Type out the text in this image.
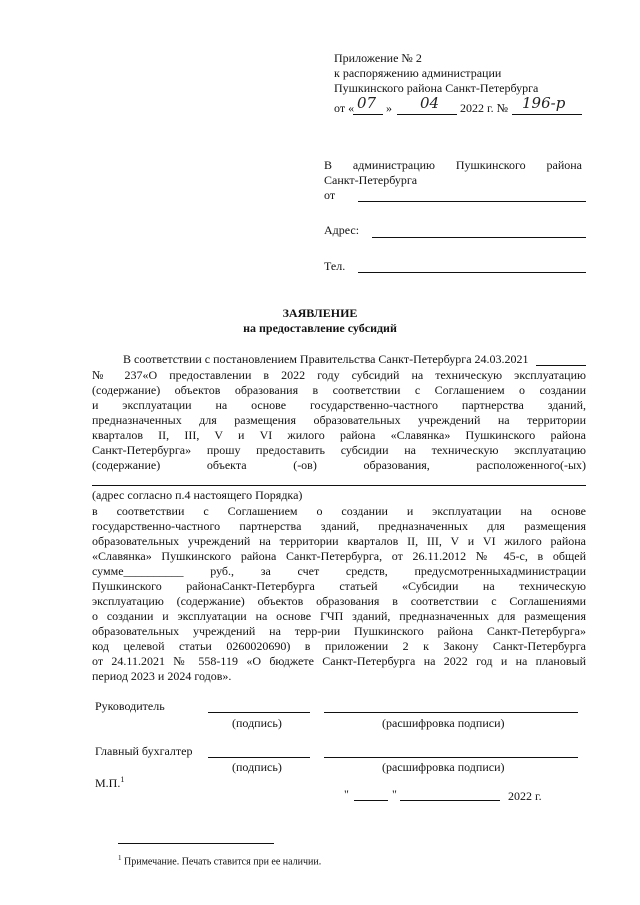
Приложение № 2
к распоряжению администрации
Пушкинского района Санкт-Петербурга
от « 07 » 04 2022 г. № 196-р
В администрацию Пушкинского района
Санкт-Петербурга
от
Адрес:
Тел.
ЗАЯВЛЕНИЕ
на предоставление субсидий
В соответствии с постановлением Правительства Санкт-Петербурга 24.03.2021
№ 237«О предоставлении в 2022 году субсидий на техническую эксплуатацию
(содержание) объектов образования в соответствии с Соглашением о создании
и эксплуатации на основе государственно-частного партнерства зданий,
предназначенных для размещения образовательных учреждений на территории
кварталов II, III, V и VI жилого района «Славянка» Пушкинского района
Санкт-Петербурга» прошу предоставить субсидии на техническую эксплуатацию
(содержание) объекта (-ов) образования, расположенного(-ых)
(адрес согласно п.4 настоящего Порядка)
в соответствии с Соглашением о создании и эксплуатации на основе
государственно-частного партнерства зданий, предназначенных для размещения
образовательных учреждений на территории кварталов II, III, V и VI жилого района
«Славянка» Пушкинского района Санкт-Петербурга, от 26.11.2012 № 45-с, в общей
сумме__________ руб., за счет средств, предусмотренныхадминистрации
Пушкинского районаСанкт-Петербурга статьей «Субсидии на техническую
эксплуатацию (содержание) объектов образования в соответствии с Соглашениями
о создании и эксплуатации на основе ГЧП зданий, предназначенных для размещения
образовательных учреждений на терр-рии Пушкинского района Санкт-Петербурга»
код целевой статьи 0260020690) в приложении 2 к Закону Санкт-Петербурга
от 24.11.2021 № 558-119 «О бюджете Санкт-Петербурга на 2022 год и на плановый
период 2023 и 2024 годов».
Руководитель
(подпись)	(расшифровка подписи)
Главный бухгалтер
(подпись)	(расшифровка подписи)
М.П.$^1$
"	"	2022 г.
$^1$ Примечание. Печать ставится при ее наличии.
